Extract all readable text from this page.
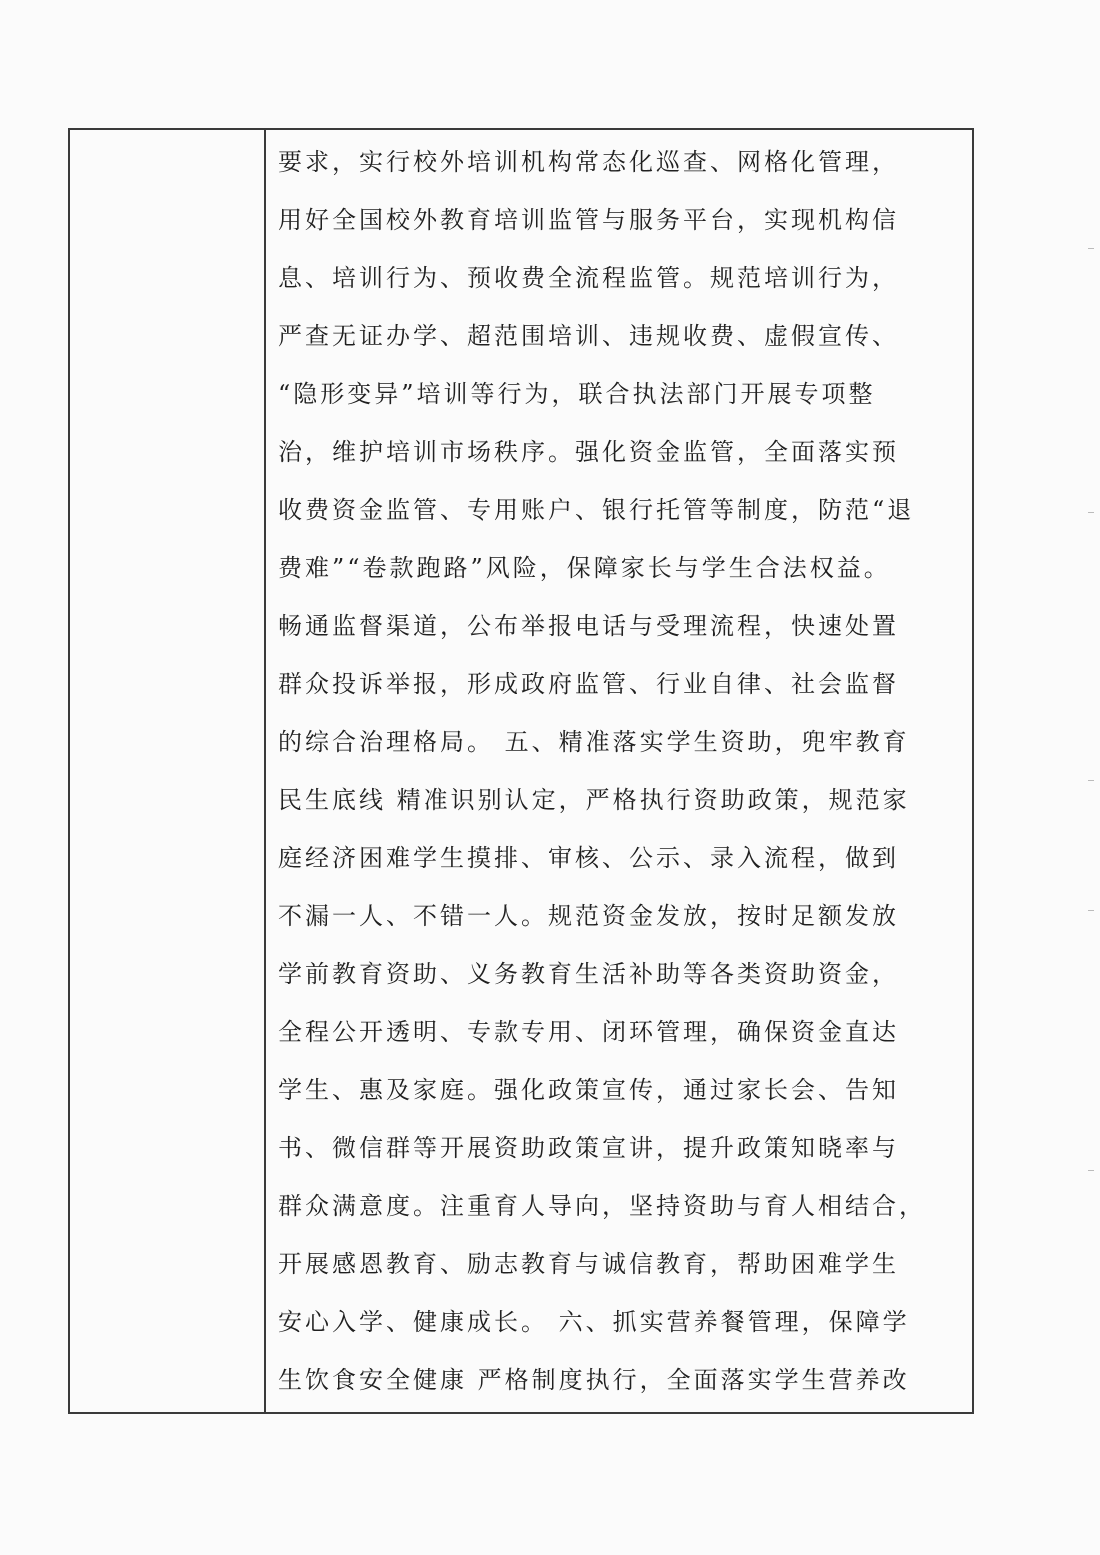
要求，实行校外培训机构常态化巡查、网格化管理，
用好全国校外教育培训监管与服务平台，实现机构信
息、培训行为、预收费全流程监管。规范培训行为，
严查无证办学、超范围培训、违规收费、虚假宣传、
“隐形变异”培训等行为，联合执法部门开展专项整
治，维护培训市场秩序。强化资金监管，全面落实预
收费资金监管、专用账户、银行托管等制度，防范“退
费难”“卷款跑路”风险，保障家长与学生合法权益。
畅通监督渠道，公布举报电话与受理流程，快速处置
群众投诉举报，形成政府监管、行业自律、社会监督
的综合治理格局。 五、精准落实学生资助，兜牢教育
民生底线 精准识别认定，严格执行资助政策，规范家
庭经济困难学生摸排、审核、公示、录入流程，做到
不漏一人、不错一人。规范资金发放，按时足额发放
学前教育资助、义务教育生活补助等各类资助资金，
全程公开透明、专款专用、闭环管理，确保资金直达
学生、惠及家庭。强化政策宣传，通过家长会、告知
书、微信群等开展资助政策宣讲，提升政策知晓率与
群众满意度。注重育人导向，坚持资助与育人相结合，
开展感恩教育、励志教育与诚信教育，帮助困难学生
安心入学、健康成长。 六、抓实营养餐管理，保障学
生饮食安全健康 严格制度执行，全面落实学生营养改
